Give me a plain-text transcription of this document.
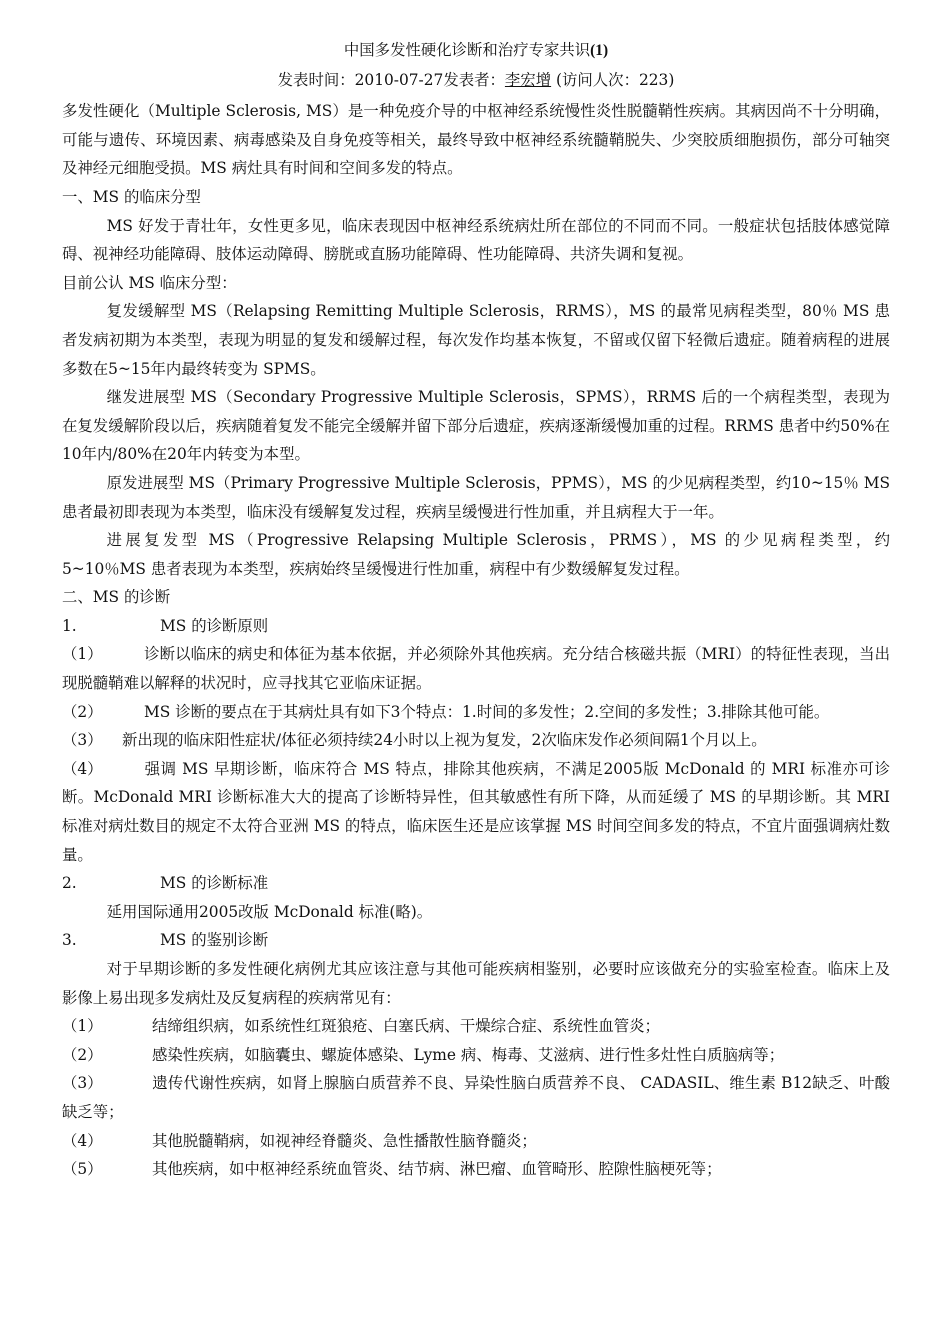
中国多发性硬化诊断和治疗专家共识(1)

发表时间：2010-07-27发表者：李宏增 (访问人次：223)

多发性硬化（Multiple Sclerosis, MS）是一种免疫介导的中枢神经系统慢性炎性脱髓鞘性疾病。其病因尚不十分明确，可能与遗传、环境因素、病毒感染及自身免疫等相关，最终导致中枢神经系统髓鞘脱失、少突胶质细胞损伤，部分可轴突及神经元细胞受损。MS 病灶具有时间和空间多发的特点。

一、MS 的临床分型

MS 好发于青壮年，女性更多见，临床表现因中枢神经系统病灶所在部位的不同而不同。一般症状包括肢体感觉障碍、视神经功能障碍、肢体运动障碍、膀胱或直肠功能障碍、性功能障碍、共济失调和复视。

目前公认 MS 临床分型：

复发缓解型 MS（Relapsing Remitting Multiple Sclerosis，RRMS），MS 的最常见病程类型，80％ MS 患者发病初期为本类型，表现为明显的复发和缓解过程，每次发作均基本恢复，不留或仅留下轻微后遗症。随着病程的进展多数在5~15年内最终转变为 SPMS。

继发进展型 MS（Secondary Progressive Multiple Sclerosis，SPMS），RRMS 后的一个病程类型，表现为在复发缓解阶段以后，疾病随着复发不能完全缓解并留下部分后遗症，疾病逐渐缓慢加重的过程。RRMS 患者中约50%在10年内/80%在20年内转变为本型。

原发进展型 MS（Primary Progressive Multiple Sclerosis，PPMS），MS 的少见病程类型，约10~15％ MS 患者最初即表现为本类型，临床没有缓解复发过程，疾病呈缓慢进行性加重，并且病程大于一年。

进展复发型 MS（Progressive Relapsing Multiple Sclerosis，PRMS），MS 的少见病程类型，约5~10％MS 患者表现为本类型，疾病始终呈缓慢进行性加重，病程中有少数缓解复发过程。

二、MS 的诊断

1.	MS 的诊断原则

（1）	诊断以临床的病史和体征为基本依据，并必须除外其他疾病。充分结合核磁共振（MRI）的特征性表现，当出现脱髓鞘难以解释的状况时，应寻找其它亚临床证据。

（2）	MS 诊断的要点在于其病灶具有如下3个特点：1.时间的多发性；2.空间的多发性；3.排除其他可能。

（3） 新出现的临床阳性症状/体征必须持续24小时以上视为复发，2次临床发作必须间隔1个月以上。

（4）	强调 MS 早期诊断，临床符合 MS 特点，排除其他疾病，不满足2005版 McDonald 的 MRI 标准亦可诊断。McDonald MRI 诊断标准大大的提高了诊断特异性，但其敏感性有所下降，从而延缓了 MS 的早期诊断。其 MRI 标准对病灶数目的规定不太符合亚洲 MS 的特点，临床医生还是应该掌握 MS 时间空间多发的特点，不宜片面强调病灶数量。

2.	MS 的诊断标准

延用国际通用2005改版 McDonald 标准(略)。

3.	MS 的鉴别诊断

对于早期诊断的多发性硬化病例尤其应该注意与其他可能疾病相鉴别，必要时应该做充分的实验室检查。临床上及影像上易出现多发病灶及反复病程的疾病常见有：

（1）	结缔组织病，如系统性红斑狼疮、白塞氏病、干燥综合症、系统性血管炎；

（2）	感染性疾病，如脑囊虫、螺旋体感染、Lyme 病、梅毒、艾滋病、进行性多灶性白质脑病等；

（3）	遗传代谢性疾病，如肾上腺脑白质营养不良、异染性脑白质营养不良、 CADASIL、维生素 B12缺乏、叶酸缺乏等；

（4）	其他脱髓鞘病，如视神经脊髓炎、急性播散性脑脊髓炎；

（5）	其他疾病，如中枢神经系统血管炎、结节病、淋巴瘤、血管畸形、腔隙性脑梗死等；
